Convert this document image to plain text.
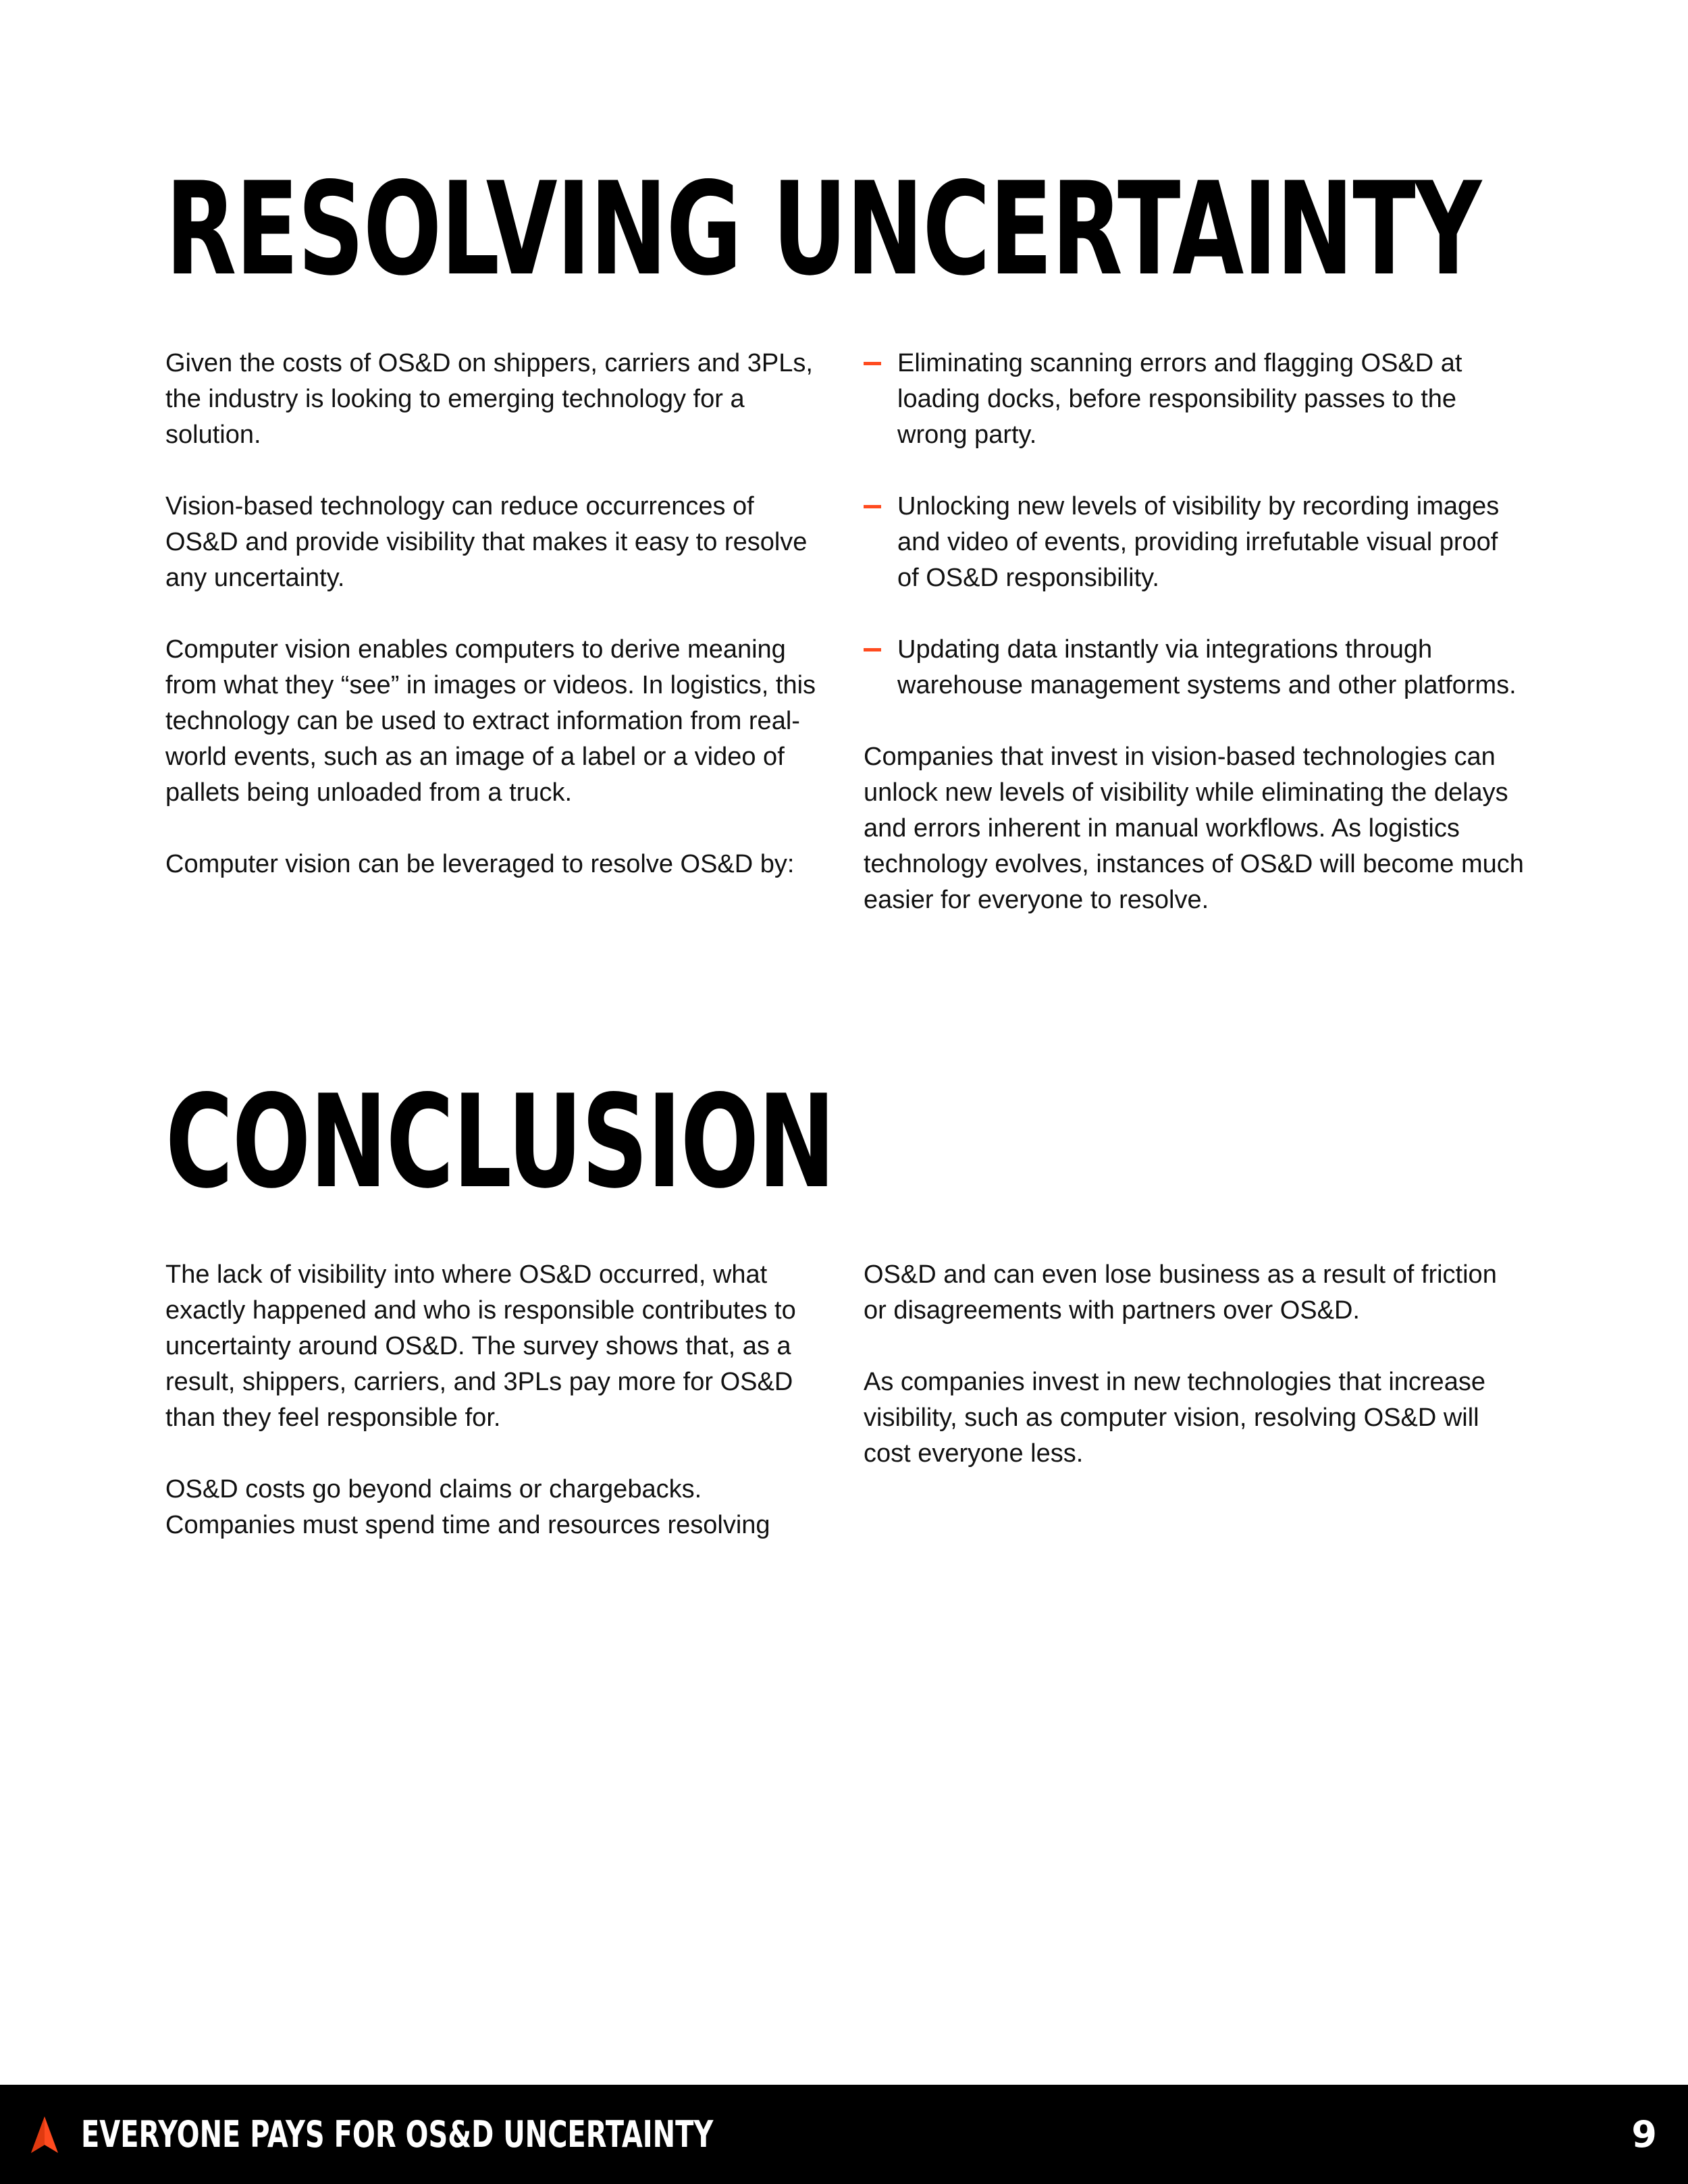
RESOLVING UNCERTAINTY

Given the costs of OS&D on shippers, carriers and 3PLs, the industry is looking to emerging technology for a solution.

Vision-based technology can reduce occurrences of OS&D and provide visibility that makes it easy to resolve any uncertainty.

Computer vision enables computers to derive meaning from what they “see” in images or videos. In logistics, this technology can be used to extract information from real-world events, such as an image of a label or a video of pallets being unloaded from a truck.

Computer vision can be leveraged to resolve OS&D by:

Eliminating scanning errors and flagging OS&D at loading docks, before responsibility passes to the wrong party.
Unlocking new levels of visibility by recording images and video of events, providing irrefutable visual proof of OS&D responsibility.
Updating data instantly via integrations through warehouse management systems and other platforms.

Companies that invest in vision-based technologies can unlock new levels of visibility while eliminating the delays and errors inherent in manual workflows. As logistics technology evolves, instances of OS&D will become much easier for everyone to resolve.

CONCLUSION

The lack of visibility into where OS&D occurred, what exactly happened and who is responsible contributes to uncertainty around OS&D. The survey shows that, as a result, shippers, carriers, and 3PLs pay more for OS&D than they feel responsible for.

OS&D costs go beyond claims or chargebacks. Companies must spend time and resources resolving

OS&D and can even lose business as a result of friction or disagreements with partners over OS&D.

As companies invest in new technologies that increase visibility, such as computer vision, resolving OS&D will cost everyone less.

EVERYONE PAYS FOR OS&D UNCERTAINTY	9
